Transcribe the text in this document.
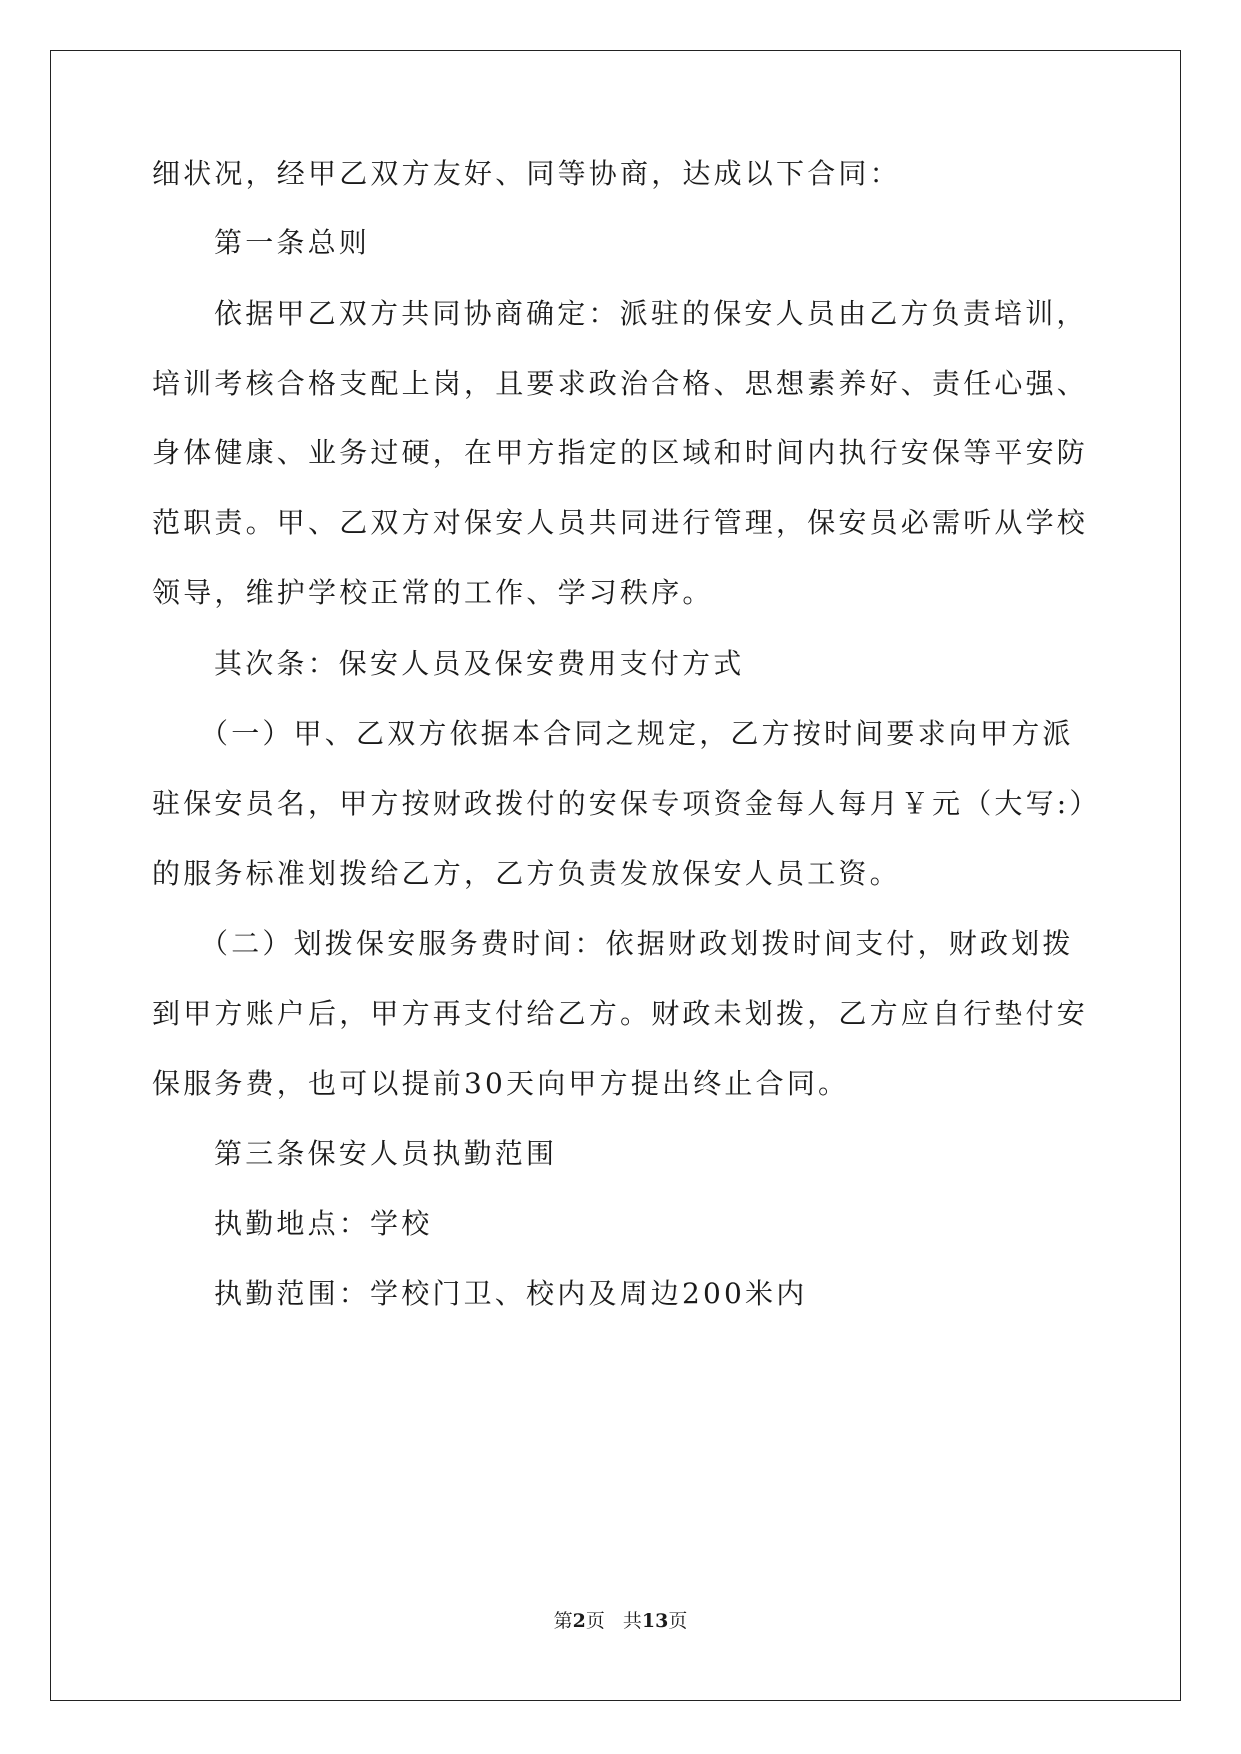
细状况，经甲乙双方友好、同等协商，达成以下合同：
第一条总则
依据甲乙双方共同协商确定：派驻的保安人员由乙方负责培训，
培训考核合格支配上岗，且要求政治合格、思想素养好、责任心强、
身体健康、业务过硬，在甲方指定的区域和时间内执行安保等平安防
范职责。甲、乙双方对保安人员共同进行管理，保安员必需听从学校
领导，维护学校正常的工作、学习秩序。
其次条：保安人员及保安费用支付方式
（一）甲、乙双方依据本合同之规定，乙方按时间要求向甲方派
驻保安员名，甲方按财政拨付的安保专项资金每人每月￥元（大写:）
的服务标准划拨给乙方，乙方负责发放保安人员工资。
（二）划拨保安服务费时间：依据财政划拨时间支付，财政划拨
到甲方账户后，甲方再支付给乙方。财政未划拨，乙方应自行垫付安
保服务费，也可以提前30天向甲方提出终止合同。
第三条保安人员执勤范围
执勤地点：学校
执勤范围：学校门卫、校内及周边200米内
第2页 共13页
